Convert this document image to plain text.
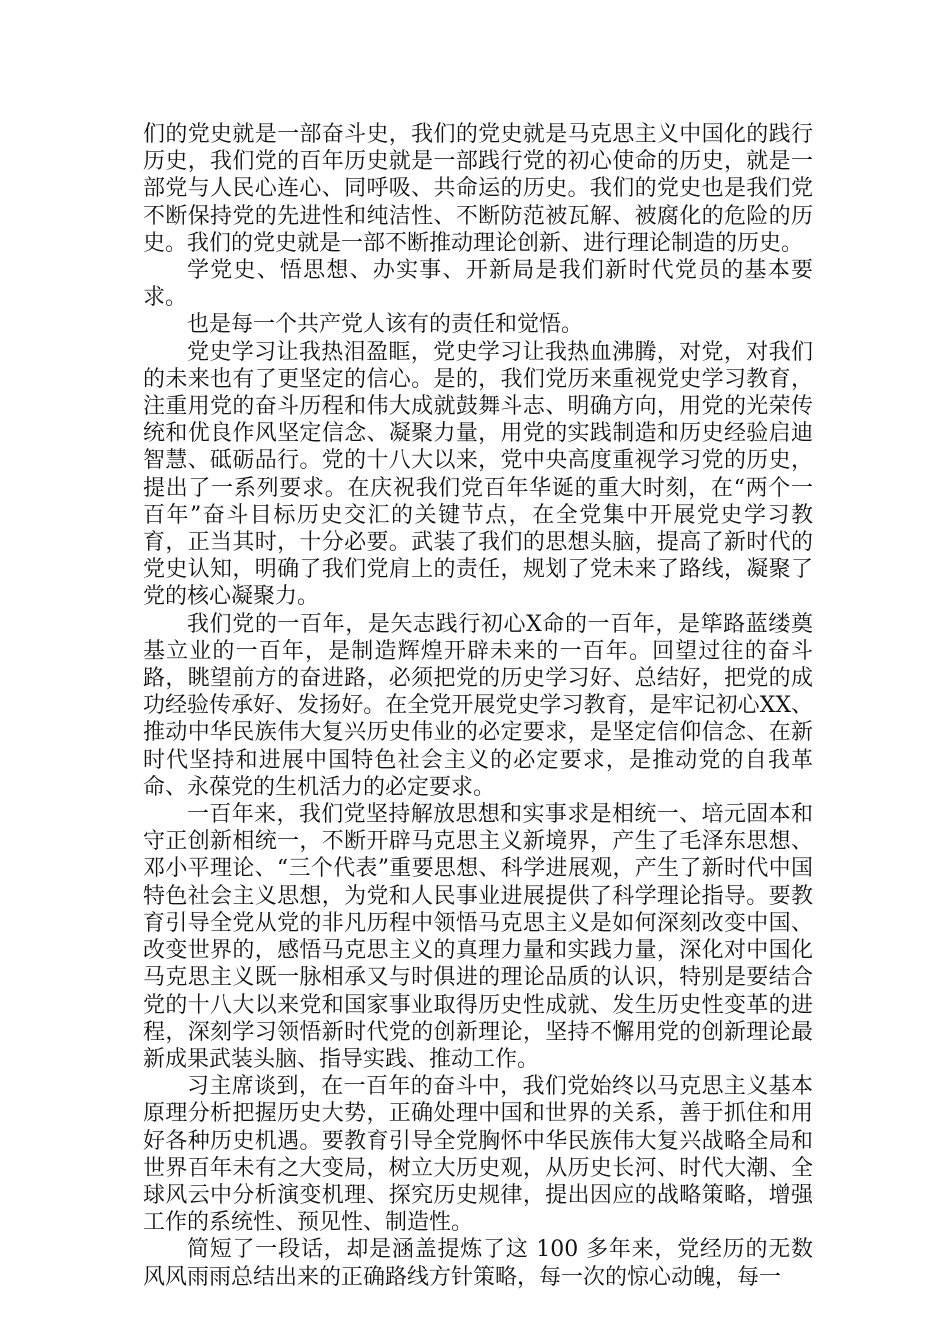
们的党史就是一部奋斗史，我们的党史就是马克思主义中国化的践行历史，我们党的百年历史就是一部践行党的初心使命的历史，就是一部党与人民心连心、同呼吸、共命运的历史。我们的党史也是我们党不断保持党的先进性和纯洁性、不断防范被瓦解、被腐化的危险的历史。我们的党史就是一部不断推动理论创新、进行理论制造的历史。

学党史、悟思想、办实事、开新局是我们新时代党员的基本要求。

也是每一个共产党人该有的责任和觉悟。

党史学习让我热泪盈眶，党史学习让我热血沸腾，对党，对我们的未来也有了更坚定的信心。是的，我们党历来重视党史学习教育，注重用党的奋斗历程和伟大成就鼓舞斗志、明确方向，用党的光荣传统和优良作风坚定信念、凝聚力量，用党的实践制造和历史经验启迪智慧、砥砺品行。党的十八大以来，党中央高度重视学习党的历史，提出了一系列要求。在庆祝我们党百年华诞的重大时刻，在“两个一百年”奋斗目标历史交汇的关键节点，在全党集中开展党史学习教育，正当其时，十分必要。武装了我们的思想头脑，提高了新时代的党史认知，明确了我们党肩上的责任，规划了党未来了路线，凝聚了党的核心凝聚力。

我们党的一百年，是矢志践行初心X命的一百年，是筚路蓝缕奠基立业的一百年，是制造辉煌开辟未来的一百年。回望过往的奋斗路，眺望前方的奋进路，必须把党的历史学习好、总结好，把党的成功经验传承好、发扬好。在全党开展党史学习教育，是牢记初心XX、推动中华民族伟大复兴历史伟业的必定要求，是坚定信仰信念、在新时代坚持和进展中国特色社会主义的必定要求，是推动党的自我革命、永葆党的生机活力的必定要求。

一百年来，我们党坚持解放思想和实事求是相统一、培元固本和守正创新相统一，不断开辟马克思主义新境界，产生了毛泽东思想、邓小平理论、“三个代表”重要思想、科学进展观，产生了新时代中国特色社会主义思想，为党和人民事业进展提供了科学理论指导。要教育引导全党从党的非凡历程中领悟马克思主义是如何深刻改变中国、改变世界的，感悟马克思主义的真理力量和实践力量，深化对中国化马克思主义既一脉相承又与时俱进的理论品质的认识，特别是要结合党的十八大以来党和国家事业取得历史性成就、发生历史性变革的进程，深刻学习领悟新时代党的创新理论，坚持不懈用党的创新理论最新成果武装头脑、指导实践、推动工作。

习主席谈到，在一百年的奋斗中，我们党始终以马克思主义基本原理分析把握历史大势，正确处理中国和世界的关系，善于抓住和用好各种历史机遇。要教育引导全党胸怀中华民族伟大复兴战略全局和世界百年未有之大变局，树立大历史观，从历史长河、时代大潮、全球风云中分析演变机理、探究历史规律，提出因应的战略策略，增强工作的系统性、预见性、制造性。

简短了一段话，却是涵盖提炼了这 100 多年来，党经历的无数风风雨雨总结出来的正确路线方针策略，每一次的惊心动魄，每一
